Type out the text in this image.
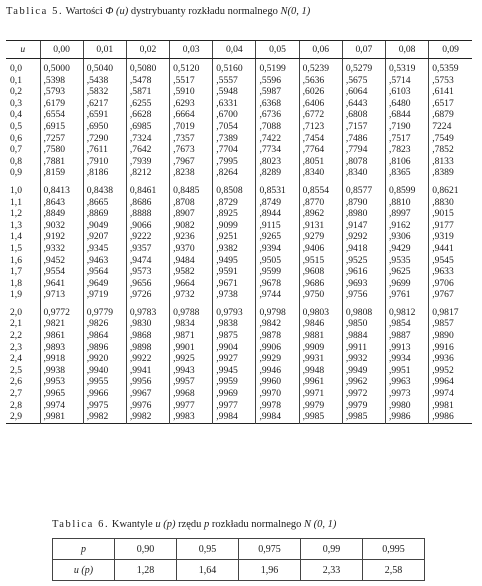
Tablica 5. Wartości Φ (u) dystrybuanty rozkładu normalnego N(0, 1)
u	0,00	0,01	0,02	0,03	0,04	0,05	0,06	0,07	0,08	0,09
0,0	0,5000	0,5040	0,5080	0,5120	0,5160	0,5199	0,5239	0,5279	0,5319	0,5359
0,1	,5398	,5438	,5478	,5517	,5557	,5596	,5636	,5675	,5714	,5753
0,2	,5793	,5832	,5871	,5910	,5948	,5987	,6026	,6064	,6103	,6141
0,3	,6179	,6217	,6255	,6293	,6331	,6368	,6406	,6443	,6480	,6517
0,4	,6554	,6591	,6628	,6664	,6700	,6736	,6772	,6808	,6844	,6879
0,5	,6915	,6950	,6985	,7019	,7054	,7088	,7123	,7157	,7190	7224
0,6	,7257	,7290	,7324	,7357	,7389	,7422	,7454	,7486	,7517	,7549
0,7	,7580	,7611	,7642	,7673	,7704	,7734	,7764	,7794	,7823	,7852
0,8	,7881	,7910	,7939	,7967	,7995	,8023	,8051	,8078	,8106	,8133
0,9	,8159	,8186	,8212	,8238	,8264	,8289	,8340	,8340	,8365	,8389
1,0	0,8413	0,8438	0,8461	0,8485	0,8508	0,8531	0,8554	0,8577	0,8599	0,8621
1,1	,8643	,8665	,8686	,8708	,8729	,8749	,8770	,8790	,8810	,8830
1,2	,8849	,8869	,8888	,8907	,8925	,8944	,8962	,8980	,8997	,9015
1,3	,9032	,9049	,9066	,9082	,9099	,9115	,9131	,9147	,9162	,9177
1,4	,9192	,9207	,9222	,9236	,9251	,9265	,9279	,9292	,9306	,9319
1,5	,9332	,9345	,9357	,9370	,9382	,9394	,9406	,9418	,9429	,9441
1,6	,9452	,9463	,9474	,9484	,9495	,9505	,9515	,9525	,9535	,9545
1,7	,9554	,9564	,9573	,9582	,9591	,9599	,9608	,9616	,9625	,9633
1,8	,9641	,9649	,9656	,9664	,9671	,9678	,9686	,9693	,9699	,9706
1,9	,9713	,9719	,9726	,9732	,9738	,9744	,9750	,9756	,9761	,9767
2,0	0,9772	0,9779	0,9783	0,9788	0,9793	0,9798	0,9803	0,9808	0,9812	0,9817
2,1	,9821	,9826	,9830	,9834	,9838	,9842	,9846	,9850	,9854	,9857
2,2	,9861	,9864	,9868	,9871	,9875	,9878	,9881	,9884	,9887	,9890
2,3	,9893	,9896	,9898	,9901	,9904	,9906	,9909	,9911	,9913	,9916
2,4	,9918	,9920	,9922	,9925	,9927	,9929	,9931	,9932	,9934	,9936
2,5	,9938	,9940	,9941	,9943	,9945	,9946	,9948	,9949	,9951	,9952
2,6	,9953	,9955	,9956	,9957	,9959	,9960	,9961	,9962	,9963	,9964
2,7	,9965	,9966	,9967	,9968	,9969	,9970	,9971	,9972	,9973	,9974
2,8	,9974	,9975	,9976	,9977	,9977	,9978	,9979	,9979	,9980	,9981
2,9	,9981	,9982	,9982	,9983	,9984	,9984	,9985	,9985	,9986	,9986

Tablica 6. Kwantyle u (p) rzędu p rozkładu normalnego N (0, 1)
p	0,90	0,95	0,975	0,99	0,995
u (p)	1,28	1,64	1,96	2,33	2,58
